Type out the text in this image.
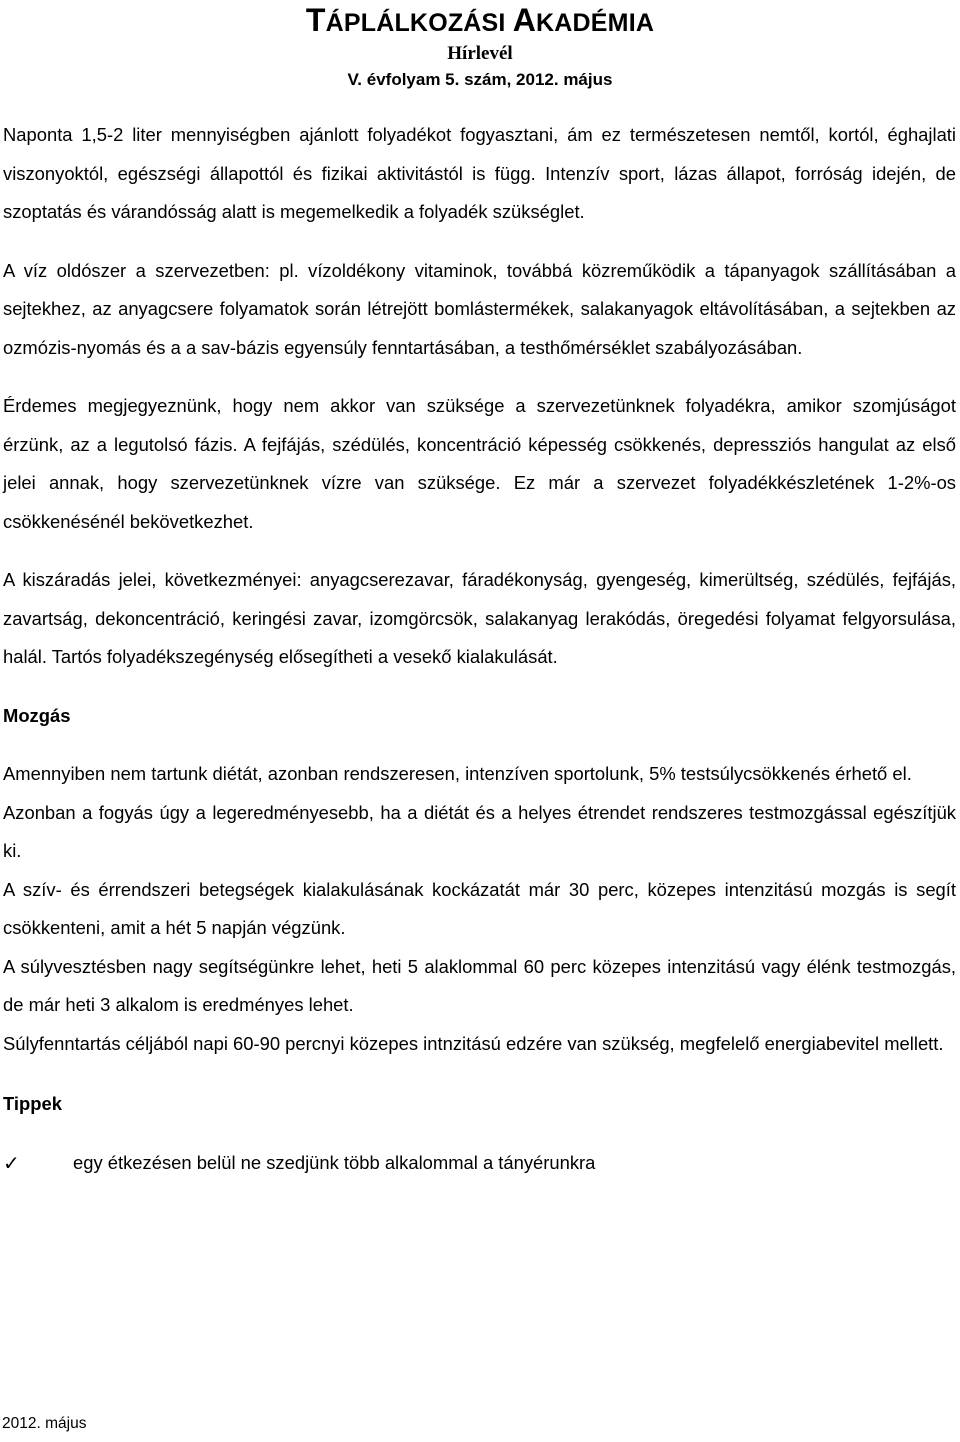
TÁPLÁLKOZÁSI AKADÉMIA
Hírlevél
V. évfolyam 5. szám, 2012. május

Naponta 1,5-2 liter mennyiségben ajánlott folyadékot fogyasztani, ám ez természetesen nemtől, kortól, éghajlati viszonyoktól, egészségi állapottól és fizikai aktivitástól is függ. Intenzív sport, lázas állapot, forróság idején, de szoptatás és várandósság alatt is megemelkedik a folyadék szükséglet.

A víz oldószer a szervezetben: pl. vízoldékony vitaminok, továbbá közreműködik a tápanyagok szállításában a sejtekhez, az anyagcsere folyamatok során létrejött bomlástermékek, salakanyagok eltávolításában, a sejtekben az ozmózis-nyomás és a a sav-bázis egyensúly fenntartásában, a testhőmérséklet szabályozásában.

Érdemes megjegyeznünk, hogy nem akkor van szüksége a szervezetünknek folyadékra, amikor szomjúságot érzünk, az a legutolsó fázis. A fejfájás, szédülés, koncentráció képesség csökkenés, depressziós hangulat az első jelei annak, hogy szervezetünknek vízre van szüksége. Ez már a szervezet folyadékkészletének 1-2%-os csökkenésénél bekövetkezhet.

A kiszáradás jelei, következményei: anyagcserezavar, fáradékonyság, gyengeség, kimerültség, szédülés, fejfájás, zavartság, dekoncentráció, keringési zavar, izomgörcsök, salakanyag lerakódás, öregedési folyamat felgyorsulása, halál. Tartós folyadékszegénység elősegítheti a vesekő kialakulását.

Mozgás

Amennyiben nem tartunk diétát, azonban rendszeresen, intenzíven sportolunk, 5% testsúlycsökkenés érhető el.

Azonban a fogyás úgy a legeredményesebb, ha a diétát és a helyes étrendet rendszeres testmozgással egészítjük ki.

A szív- és érrendszeri betegségek kialakulásának kockázatát már 30 perc, közepes intenzitású mozgás is segít csökkenteni, amit a hét 5 napján végzünk.

A súlyvesztésben nagy segítségünkre lehet, heti 5 alaklommal 60 perc közepes intenzitású vagy élénk testmozgás, de már heti 3 alkalom is eredményes lehet.

Súlyfenntartás céljából napi 60-90 percnyi közepes intnzitású edzére van szükség, megfelelő energiabevitel mellett.

Tippek

✓	egy étkezésen belül ne szedjünk több alkalommal a tányérunkra
2012. május
